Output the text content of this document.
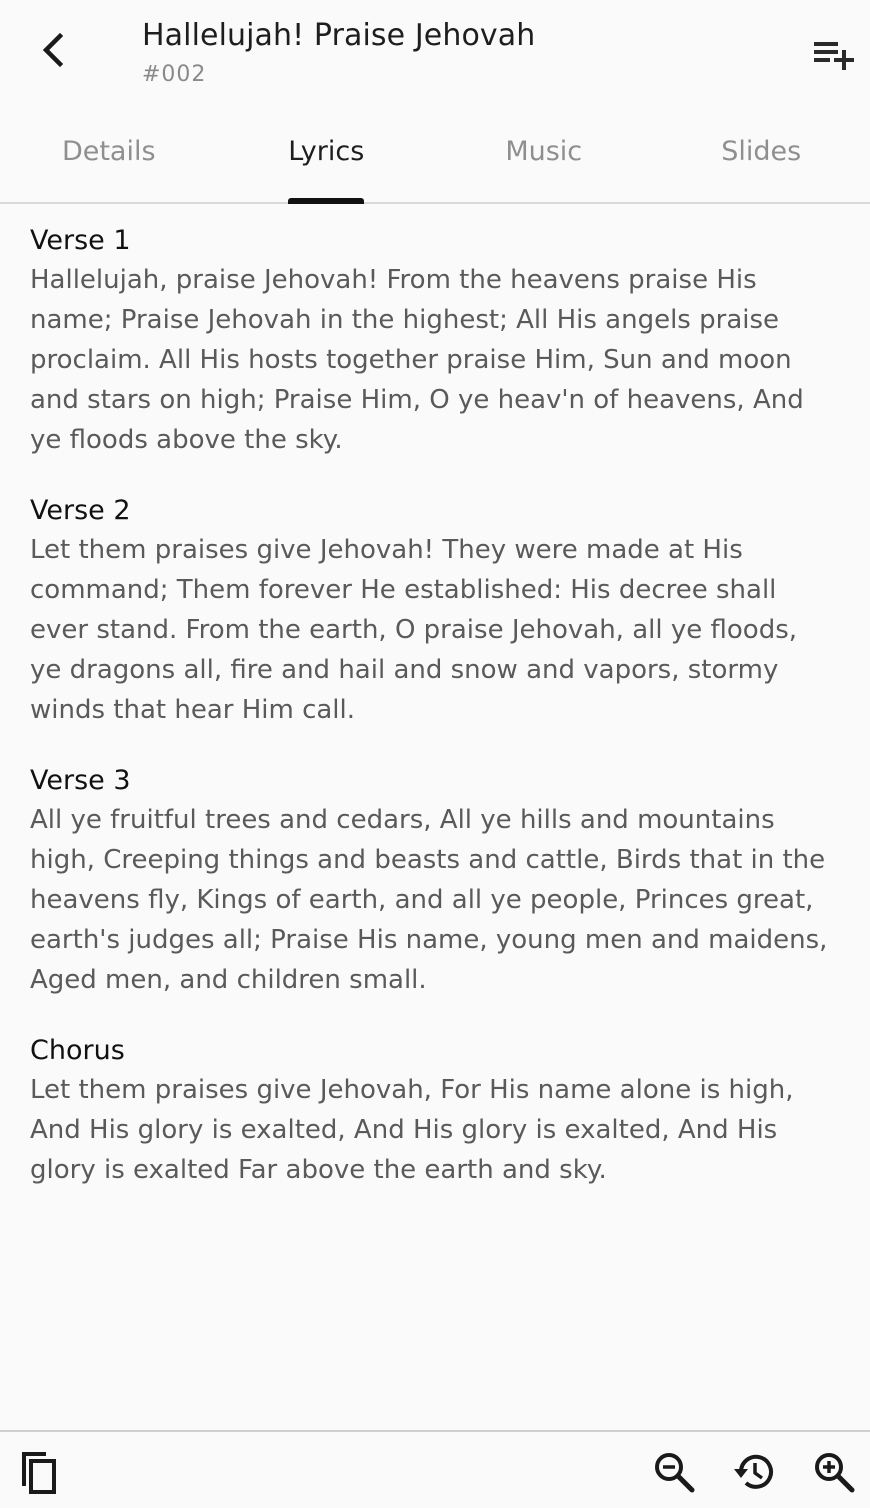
Hallelujah! Praise Jehovah
#002
Details	Lyrics	Music	Slides
Verse 1
Hallelujah, praise Jehovah! From the heavens praise His name; Praise Jehovah in the highest; All His angels praise proclaim. All His hosts together praise Him, Sun and moon and stars on high; Praise Him, O ye heav'n of heavens, And ye floods above the sky.
Verse 2
Let them praises give Jehovah! They were made at His command; Them forever He established: His decree shall ever stand. From the earth, O praise Jehovah, all ye floods, ye dragons all, fire and hail and snow and vapors, stormy winds that hear Him call.
Verse 3
All ye fruitful trees and cedars, All ye hills and mountains high, Creeping things and beasts and cattle, Birds that in the heavens fly, Kings of earth, and all ye people, Princes great, earth's judges all; Praise His name, young men and maidens, Aged men, and children small.
Chorus
Let them praises give Jehovah, For His name alone is high, And His glory is exalted, And His glory is exalted, And His glory is exalted Far above the earth and sky.
